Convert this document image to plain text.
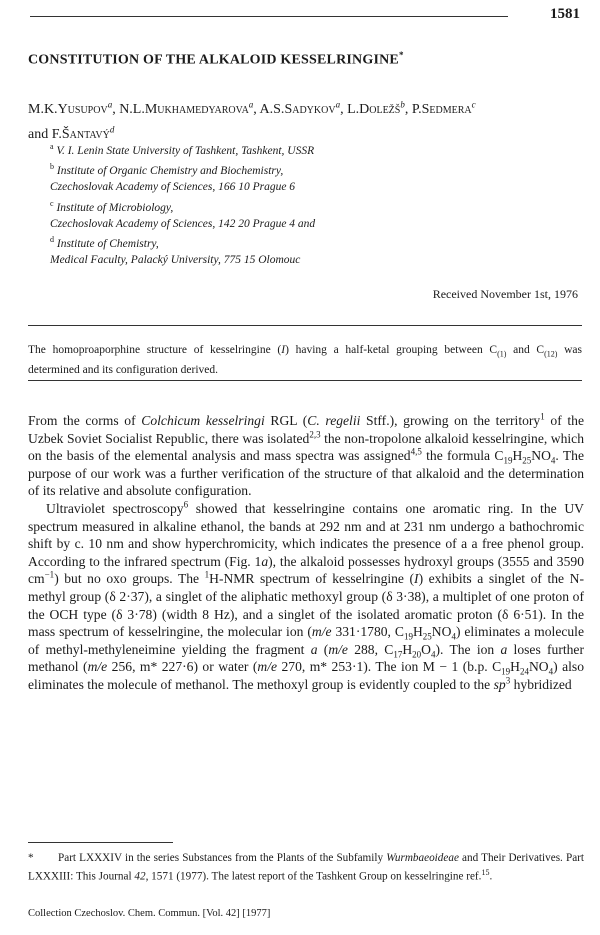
1581
CONSTITUTION OF THE ALKALOID KESSELRINGINE*
M.K.Yusupov$^a$, N.L.Mukhamedyarova$^a$, A.S.Sadykov$^a$, L.Doležš$^b$, P.Sedmera$^c$
and F.Šantavý$^d$
$^a$ V. I. Lenin State University of Tashkent, Tashkent, USSR
$^b$ Institute of Organic Chemistry and Biochemistry,
Czechoslovak Academy of Sciences, 166 10 Prague 6
$^c$ Institute of Microbiology,
Czechoslovak Academy of Sciences, 142 20 Prague 4 and
$^d$ Institute of Chemistry,
Medical Faculty, Palacký University, 775 15 Olomouc
Received November 1st, 1976
The homoproaporphine structure of kesselringine (I) having a half-ketal grouping between $C_{(1)}$ and $C_{(12)}$ was determined and its configuration derived.

From the corms of Colchicum kesselringi RGL (C. regelii Stff.), growing on the territory$^1$ of the Uzbek Soviet Socialist Republic, there was isolated$^{2,3}$ the non-tropolone alkaloid kesselringine, which on the basis of the elemental analysis and mass spectra was assigned$^{4,5}$ the formula $C_{19}H_{25}NO_4$. The purpose of our work was a further verification of the structure of that alkaloid and the determination of its relative and absolute configuration.

Ultraviolet spectroscopy$^6$ showed that kesselringine contains one aromatic ring. In the UV spectrum measured in alkaline ethanol, the bands at 292 nm and at 231 nm undergo a bathochromic shift by c. 10 nm and show hyperchromicity, which indicates the presence of a a free phenol group. According to the infrared spectrum (Fig. 1a), the alkaloid possesses hydroxyl groups (3555 and 3590 $cm^{-1}$) but no oxo groups. The $^1$H-NMR spectrum of kesselringine (I) exhibits a singlet of the N-methyl group (δ 2·37), a singlet of the aliphatic methoxyl group (δ 3·38), a multiplet of one proton of the OCH type (δ 3·78) (width 8 Hz), and a singlet of the isolated aromatic proton (δ 6·51). In the mass spectrum of kesselringine, the molecular ion (m/e 331·1780, $C_{19}H_{25}NO_4$) eliminates a molecule of methyl-methyleneimine yielding the fragment a (m/e 288, $C_{17}H_{20}O_4$). The ion a loses further methanol (m/e 256, m* 227·6) or water (m/e 270, m* 253·1). The ion M − 1 (b.p. $C_{19}H_{24}NO_4$) also eliminates the molecule of methanol. The methoxyl group is evidently coupled to the $sp^3$ hybridized

* Part LXXXIV in the series Substances from the Plants of the Subfamily Wurmbaeoideae and Their Derivatives. Part LXXXIII: This Journal 42, 1571 (1977). The latest report of the Tashkent Group on kesselringine ref.$^{15}$.
Collection Czechoslov. Chem. Commun. [Vol. 42] [1977]
